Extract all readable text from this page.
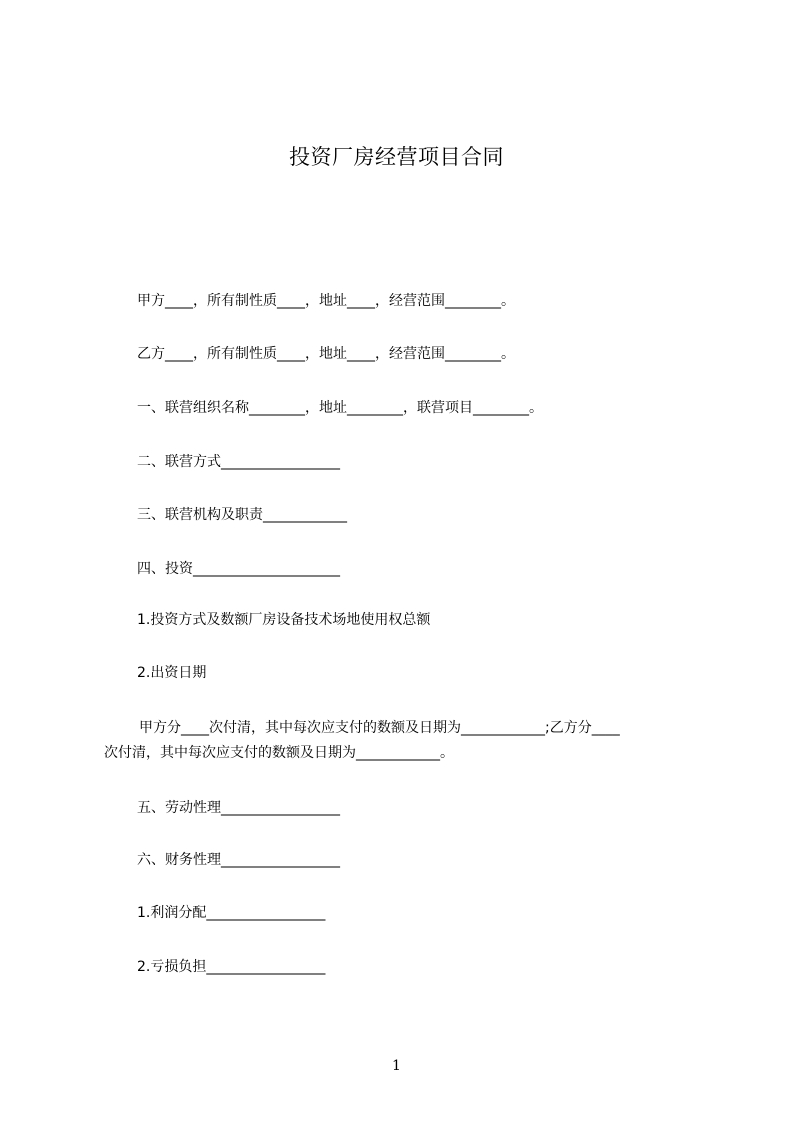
投资厂房经营项目合同
甲方____，所有制性质____，地址____，经营范围________。
乙方____，所有制性质____，地址____，经营范围________。
一、联营组织名称________，地址________，联营项目________。
二、联营方式_________________
三、联营机构及职责____________
四、投资_____________________
1.投资方式及数额厂房设备技术场地使用权总额
2.出资日期
甲方分____次付清，其中每次应支付的数额及日期为____________;乙方分____
次付清，其中每次应支付的数额及日期为____________。
五、劳动性理_________________
六、财务性理_________________
1.利润分配_________________
2.亏损负担_________________
1
